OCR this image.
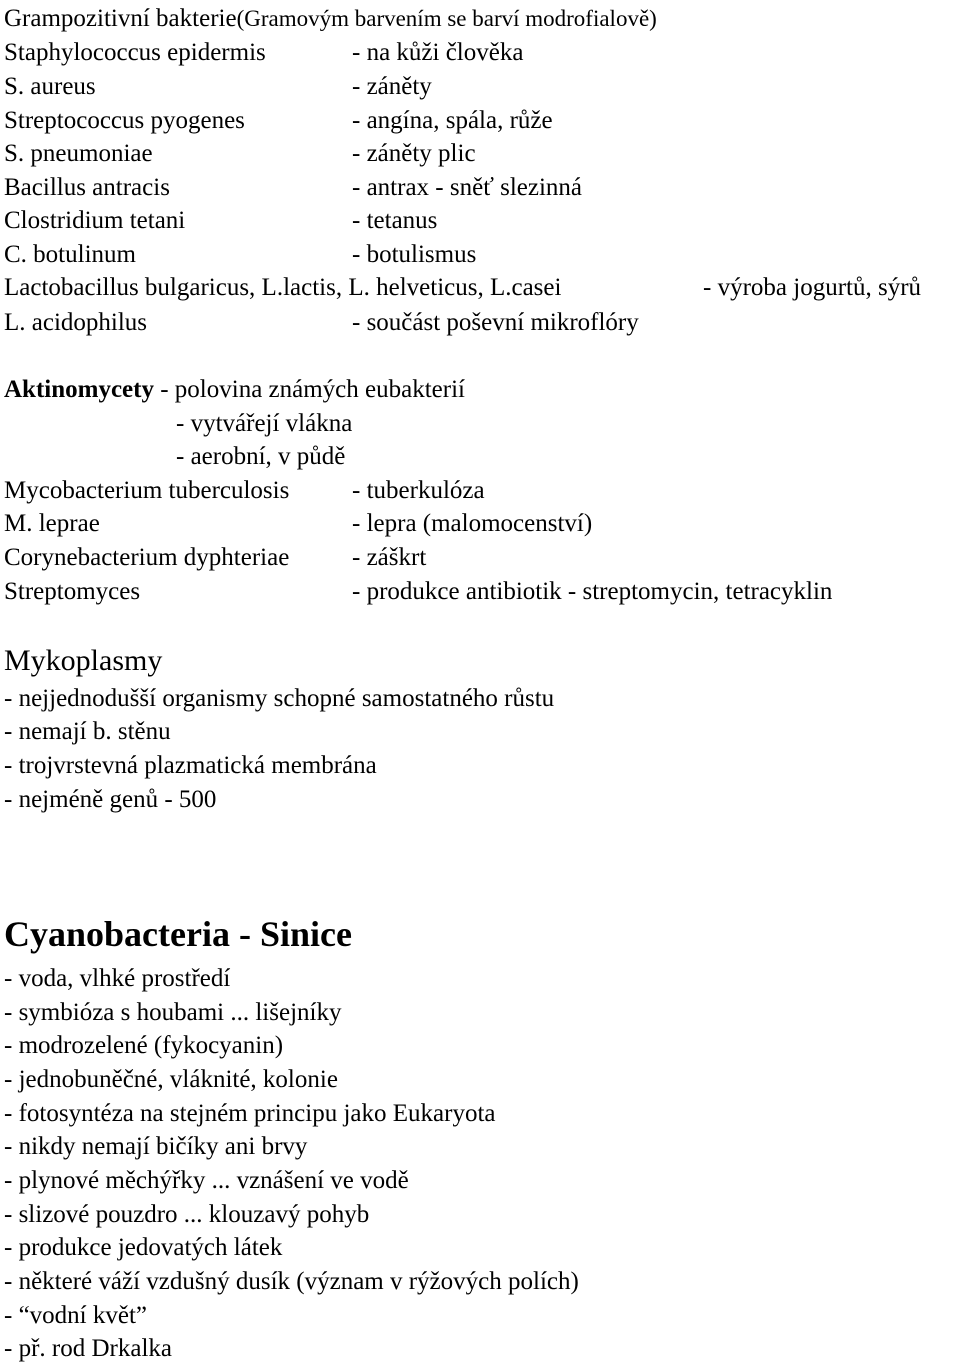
Grampozitivní bakterie(Gramovým barvením se barví modrofialově)
Staphylococcus epidermis	- na kůži člověka
S. aureus	- záněty
Streptococcus pyogenes	- angína, spála, růže
S. pneumoniae	- záněty plic
Bacillus antracis	- antrax - sněť slezinná
Clostridium tetani	- tetanus
C. botulinum	- botulismus
Lactobacillus bulgaricus, L.lactis, L. helveticus, L.casei	- výroba jogurtů, sýrů
L. acidophilus	- součást poševní mikroflóry
Aktinomycety - polovina známých eubakterií
- vytvářejí vlákna
- aerobní, v půdě
Mycobacterium tuberculosis	- tuberkulóza
M. leprae	- lepra (malomocenství)
Corynebacterium dyphteriae	- záškrt
Streptomyces	- produkce antibiotik - streptomycin, tetracyklin
Mykoplasmy
- nejjednodušší organismy schopné samostatného růstu
- nemají b. stěnu
- trojvrstevná plazmatická membrána
- nejméně genů - 500
Cyanobacteria - Sinice
- voda, vlhké prostředí
- symbióza s houbami ... lišejníky
- modrozelené (fykocyanin)
- jednobuněčné, vláknité, kolonie
- fotosyntéza na stejném principu jako Eukaryota
- nikdy nemají bičíky ani brvy
- plynové měchýřky ... vznášení ve vodě
- slizové pouzdro ... klouzavý pohyb
- produkce jedovatých látek
- některé váží vzdušný dusík (význam v rýžových polích)
- “vodní květ”
- př. rod Drkalka
